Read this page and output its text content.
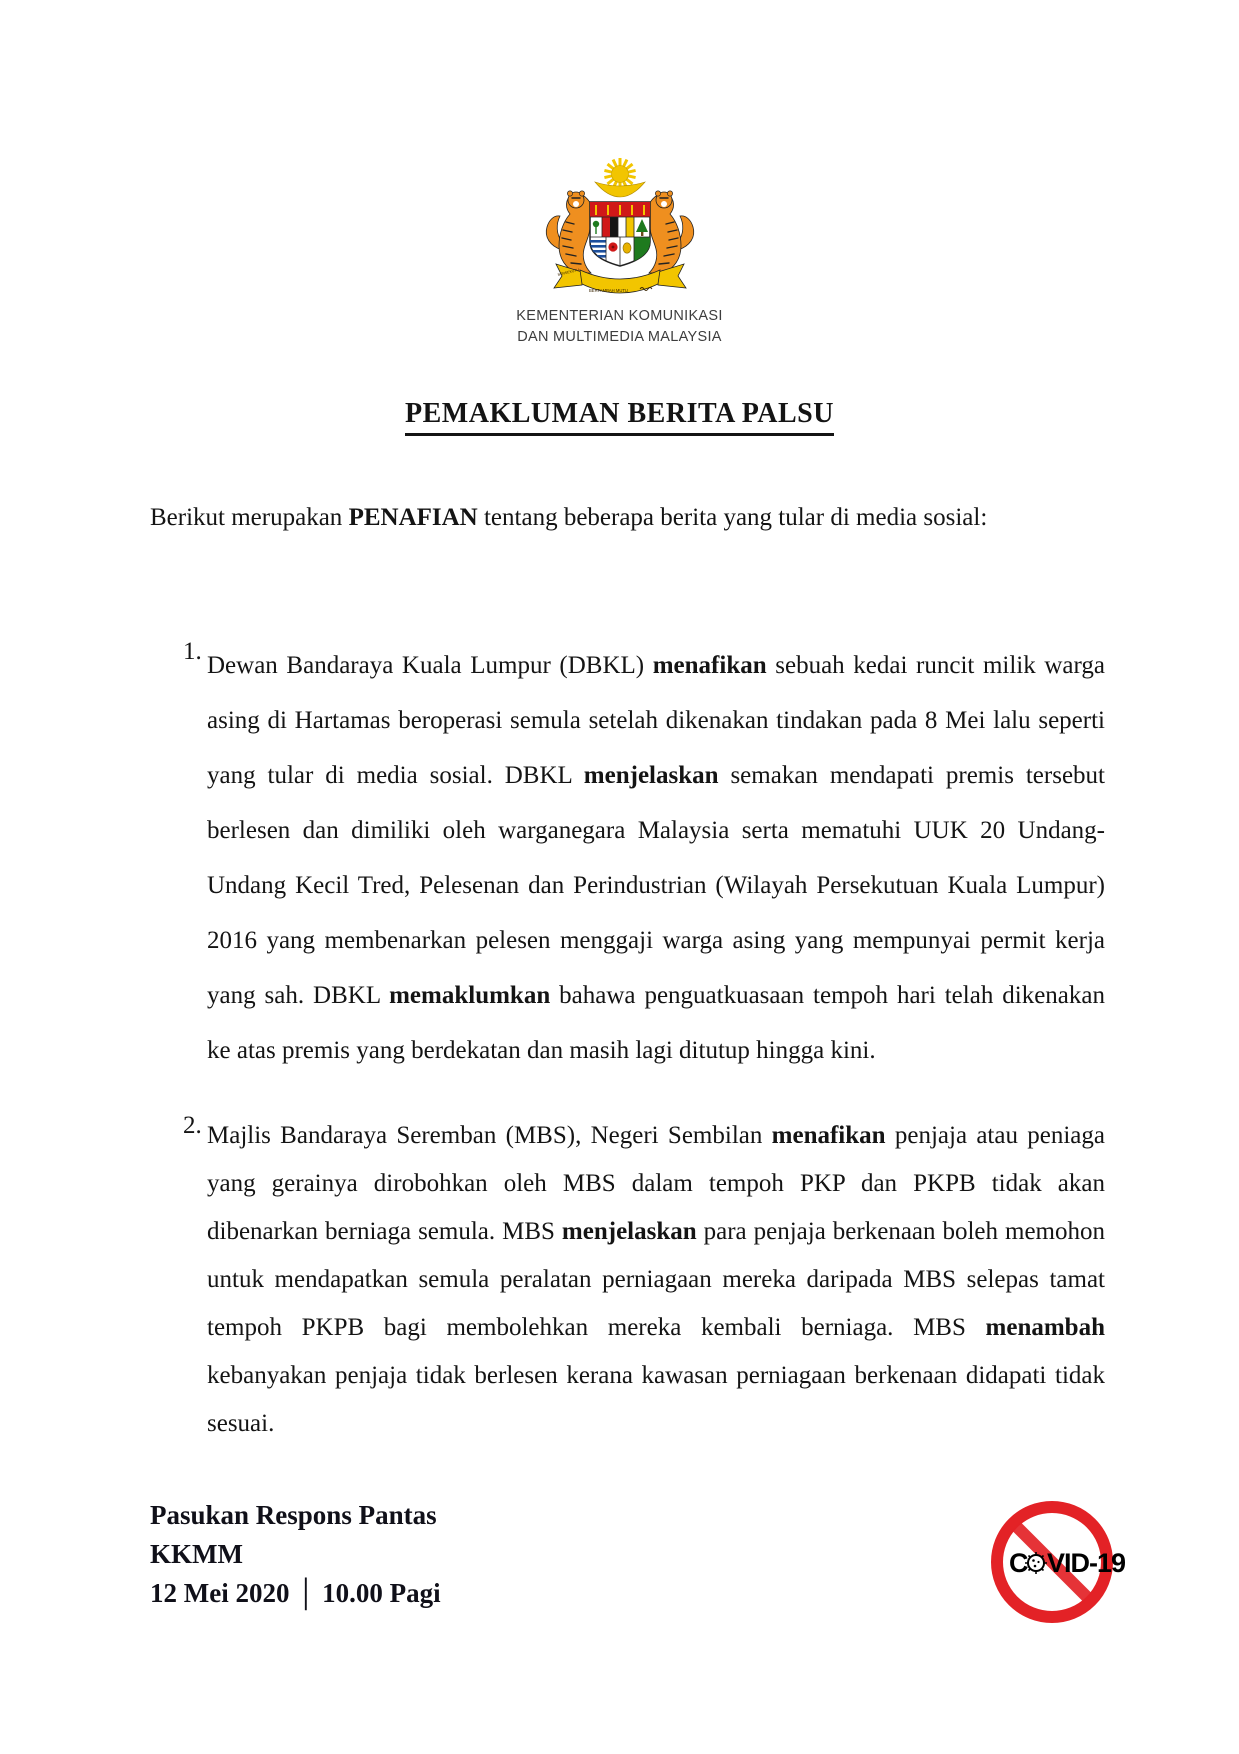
BERSEKUTU
BERTAMBAH MUTU
KEMENTERIAN KOMUNIKASI
DAN MULTIMEDIA MALAYSIA
PEMAKLUMAN BERITA PALSU
Berikut merupakan PENAFIAN tentang beberapa berita yang tular di media sosial:
1.
Dewan Bandaraya Kuala Lumpur (DBKL) menafikan sebuah kedai runcit milik warga asing di Hartamas beroperasi semula setelah dikenakan tindakan pada 8 Mei lalu seperti yang tular di media sosial. DBKL menjelaskan semakan mendapati premis tersebut berlesen dan dimiliki oleh warganegara Malaysia serta mematuhi UUK 20 Undang-Undang Kecil Tred, Pelesenan dan Perindustrian (Wilayah Persekutuan Kuala Lumpur) 2016 yang membenarkan pelesen menggaji warga asing yang mempunyai permit kerja yang sah. DBKL memaklumkan bahawa penguatkuasaan tempoh hari telah dikenakan ke atas premis yang berdekatan dan masih lagi ditutup hingga kini.
2. Majlis Bandaraya Seremban (MBS), Negeri Sembilan menafikan penjaja atau peniaga yang gerainya dirobohkan oleh MBS dalam tempoh PKP dan PKPB tidak akan dibenarkan berniaga semula. MBS menjelaskan para penjaja berkenaan boleh memohon untuk mendapatkan semula peralatan perniagaan mereka daripada MBS selepas tamat tempoh PKPB bagi membolehkan mereka kembali berniaga. MBS menambah kebanyakan penjaja tidak berlesen kerana kawasan perniagaan berkenaan didapati tidak sesuai.
Pasukan Respons Pantas
KKMM
12 Mei 2020 │ 10.00 Pagi
C VID-19
